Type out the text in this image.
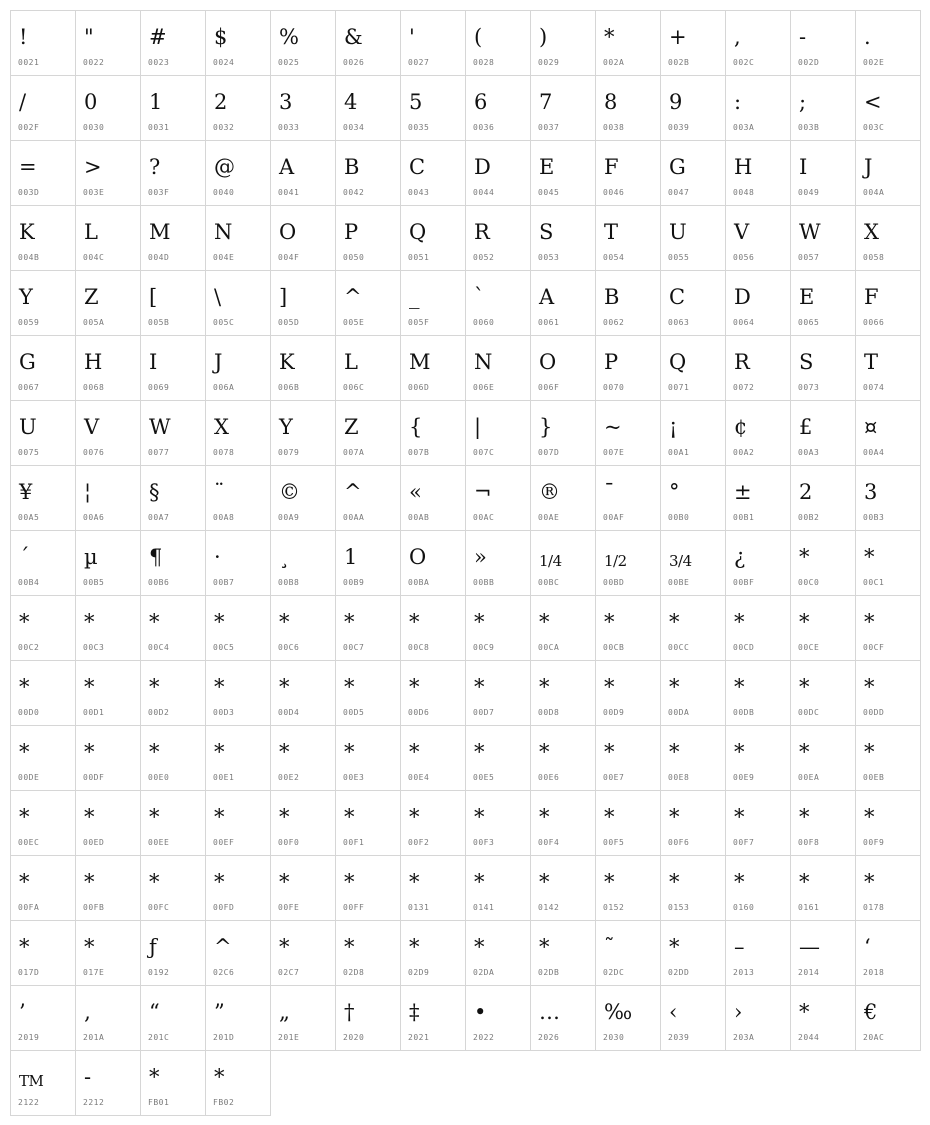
!
0021
"
0022
#
0023
$
0024
%
0025
&
0026
'
0027
(
0028
)
0029
*
002A
+
002B
,
002C
-
002D
.
002E
/
002F
0
0030
1
0031
2
0032
3
0033
4
0034
5
0035
6
0036
7
0037
8
0038
9
0039
:
003A
;
003B
<
003C
=
003D
>
003E
?
003F
@
0040
A
0041
B
0042
C
0043
D
0044
E
0045
F
0046
G
0047
H
0048
I
0049
J
004A
K
004B
L
004C
M
004D
N
004E
O
004F
P
0050
Q
0051
R
0052
S
0053
T
0054
U
0055
V
0056
W
0057
X
0058
Y
0059
Z
005A
[
005B
\
005C
]
005D
^
005E
_
005F
`
0060
A
0061
B
0062
C
0063
D
0064
E
0065
F
0066
G
0067
H
0068
I
0069
J
006A
K
006B
L
006C
M
006D
N
006E
O
006F
P
0070
Q
0071
R
0072
S
0073
T
0074
U
0075
V
0076
W
0077
X
0078
Y
0079
Z
007A
{
007B
|
007C
}
007D
~
007E
¡
00A1
¢
00A2
£
00A3
¤
00A4
¥
00A5
¦
00A6
§
00A7
¨
00A8
©
00A9
^
00AA
«
00AB
¬
00AC
®
00AE
¯
00AF
°
00B0
±
00B1
2
00B2
3
00B3
´
00B4
µ
00B5
¶
00B6
·
00B7
¸
00B8
1
00B9
O
00BA
»
00BB
1/4
00BC
1/2
00BD
3/4
00BE
¿
00BF
*
00C0
*
00C1
*
00C2
*
00C3
*
00C4
*
00C5
*
00C6
*
00C7
*
00C8
*
00C9
*
00CA
*
00CB
*
00CC
*
00CD
*
00CE
*
00CF
*
00D0
*
00D1
*
00D2
*
00D3
*
00D4
*
00D5
*
00D6
*
00D7
*
00D8
*
00D9
*
00DA
*
00DB
*
00DC
*
00DD
*
00DE
*
00DF
*
00E0
*
00E1
*
00E2
*
00E3
*
00E4
*
00E5
*
00E6
*
00E7
*
00E8
*
00E9
*
00EA
*
00EB
*
00EC
*
00ED
*
00EE
*
00EF
*
00F0
*
00F1
*
00F2
*
00F3
*
00F4
*
00F5
*
00F6
*
00F7
*
00F8
*
00F9
*
00FA
*
00FB
*
00FC
*
00FD
*
00FE
*
00FF
*
0131
*
0141
*
0142
*
0152
*
0153
*
0160
*
0161
*
0178
*
017D
*
017E
ƒ
0192
^
02C6
*
02C7
*
02D8
*
02D9
*
02DA
*
02DB
˜
02DC
*
02DD
–
2013
—
2014
‘
2018
’
2019
‚
201A
“
201C
”
201D
„
201E
†
2020
‡
2021
•
2022
…
2026
‰
2030
‹
2039
›
203A
*
2044
€
20AC
TM
2122
-
2212
*
FB01
*
FB02
